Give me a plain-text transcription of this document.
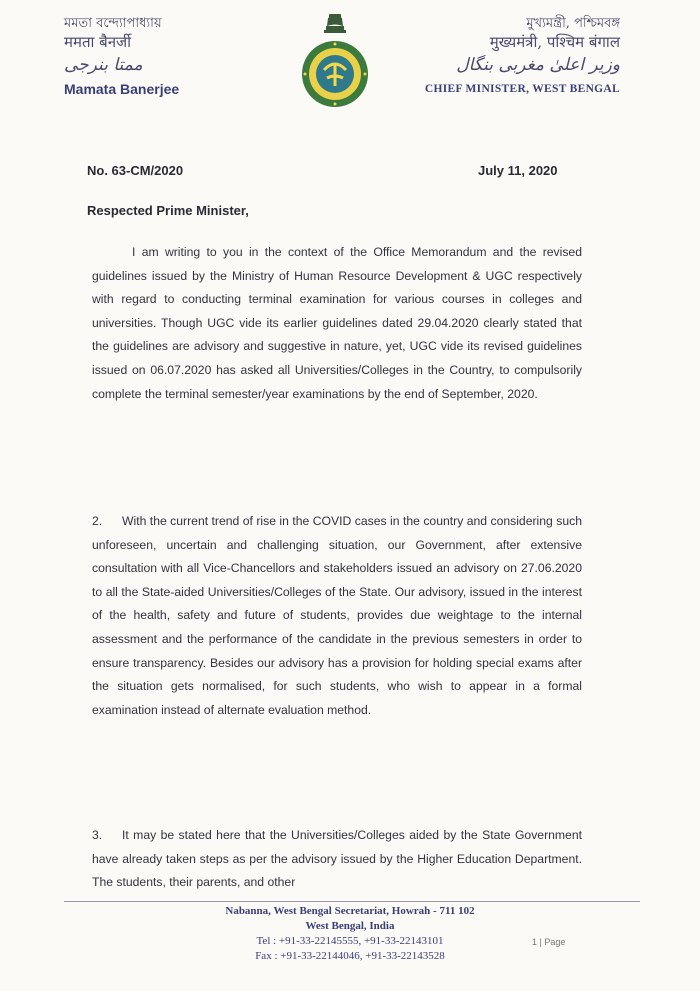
মমতা বন্দ্যোপাধ্যায়
ममता बैनर्जी
ممتا بنرجی
Mamata Banerjee
মুখ্যমন্ত্রী, পশ্চিমবঙ্গ
मुख्यमंत्री, पश्चिम बंगाल
وزیر اعلیٰ مغربی بنگال
CHIEF MINISTER, WEST BENGAL
No. 63-CM/2020	July 11, 2020
Respected Prime Minister,
I am writing to you in the context of the Office Memorandum and the revised guidelines issued by the Ministry of Human Resource Development & UGC respectively with regard to conducting terminal examination for various courses in colleges and universities. Though UGC vide its earlier guidelines dated 29.04.2020 clearly stated that the guidelines are advisory and suggestive in nature, yet, UGC vide its revised guidelines issued on 06.07.2020 has asked all Universities/Colleges in the Country, to compulsorily complete the terminal semester/year examinations by the end of September, 2020.
2. With the current trend of rise in the COVID cases in the country and considering such unforeseen, uncertain and challenging situation, our Government, after extensive consultation with all Vice-Chancellors and stakeholders issued an advisory on 27.06.2020 to all the State-aided Universities/Colleges of the State. Our advisory, issued in the interest of the health, safety and future of students, provides due weightage to the internal assessment and the performance of the candidate in the previous semesters in order to ensure transparency. Besides our advisory has a provision for holding special exams after the situation gets normalised, for such students, who wish to appear in a formal examination instead of alternate evaluation method.
3. It may be stated here that the Universities/Colleges aided by the State Government have already taken steps as per the advisory issued by the Higher Education Department. The students, their parents, and other
Nabanna, West Bengal Secretariat, Howrah - 711 102
West Bengal, India
Tel : +91-33-22145555, +91-33-22143101
Fax : +91-33-22144046, +91-33-22143528
1 | Page
